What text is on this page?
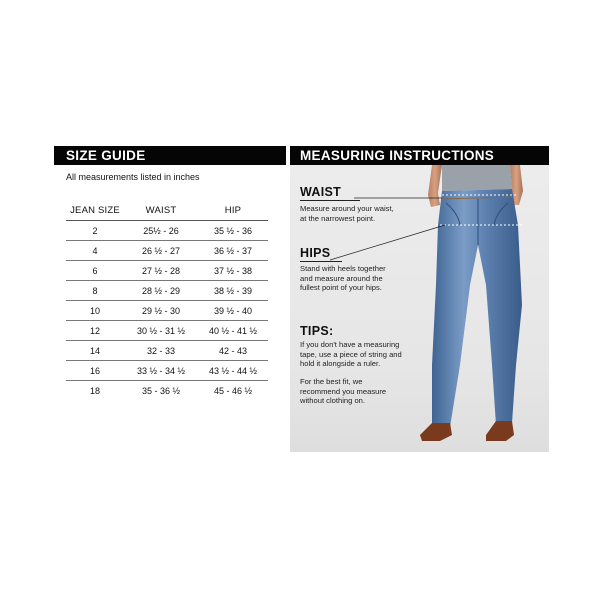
SIZE GUIDE	MEASURING INSTRUCTIONS
All measurements listed in inches
JEAN SIZE	WAIST	HIP
2	25½ - 26	35 ½ - 36
4	26 ½ - 27	36 ½ - 37
6	27 ½ - 28	37 ½ - 38
8	28 ½ - 29	38 ½ - 39
10	29 ½ - 30	39 ½ - 40
12	30 ½ - 31 ½	40 ½ - 41 ½
14	32 - 33	42 - 43
16	33 ½ - 34 ½	43 ½ - 44 ½
18	35 - 36 ½	45 - 46 ½
WAIST
Measure around your waist,
at the narrowest point.
HIPS
Stand with heels together
and measure around the
fullest point of your hips.
TIPS:
If you don't have a measuring
tape, use a piece of string and
hold it alongside a ruler.
For the best fit, we
recommend you measure
without clothing on.
